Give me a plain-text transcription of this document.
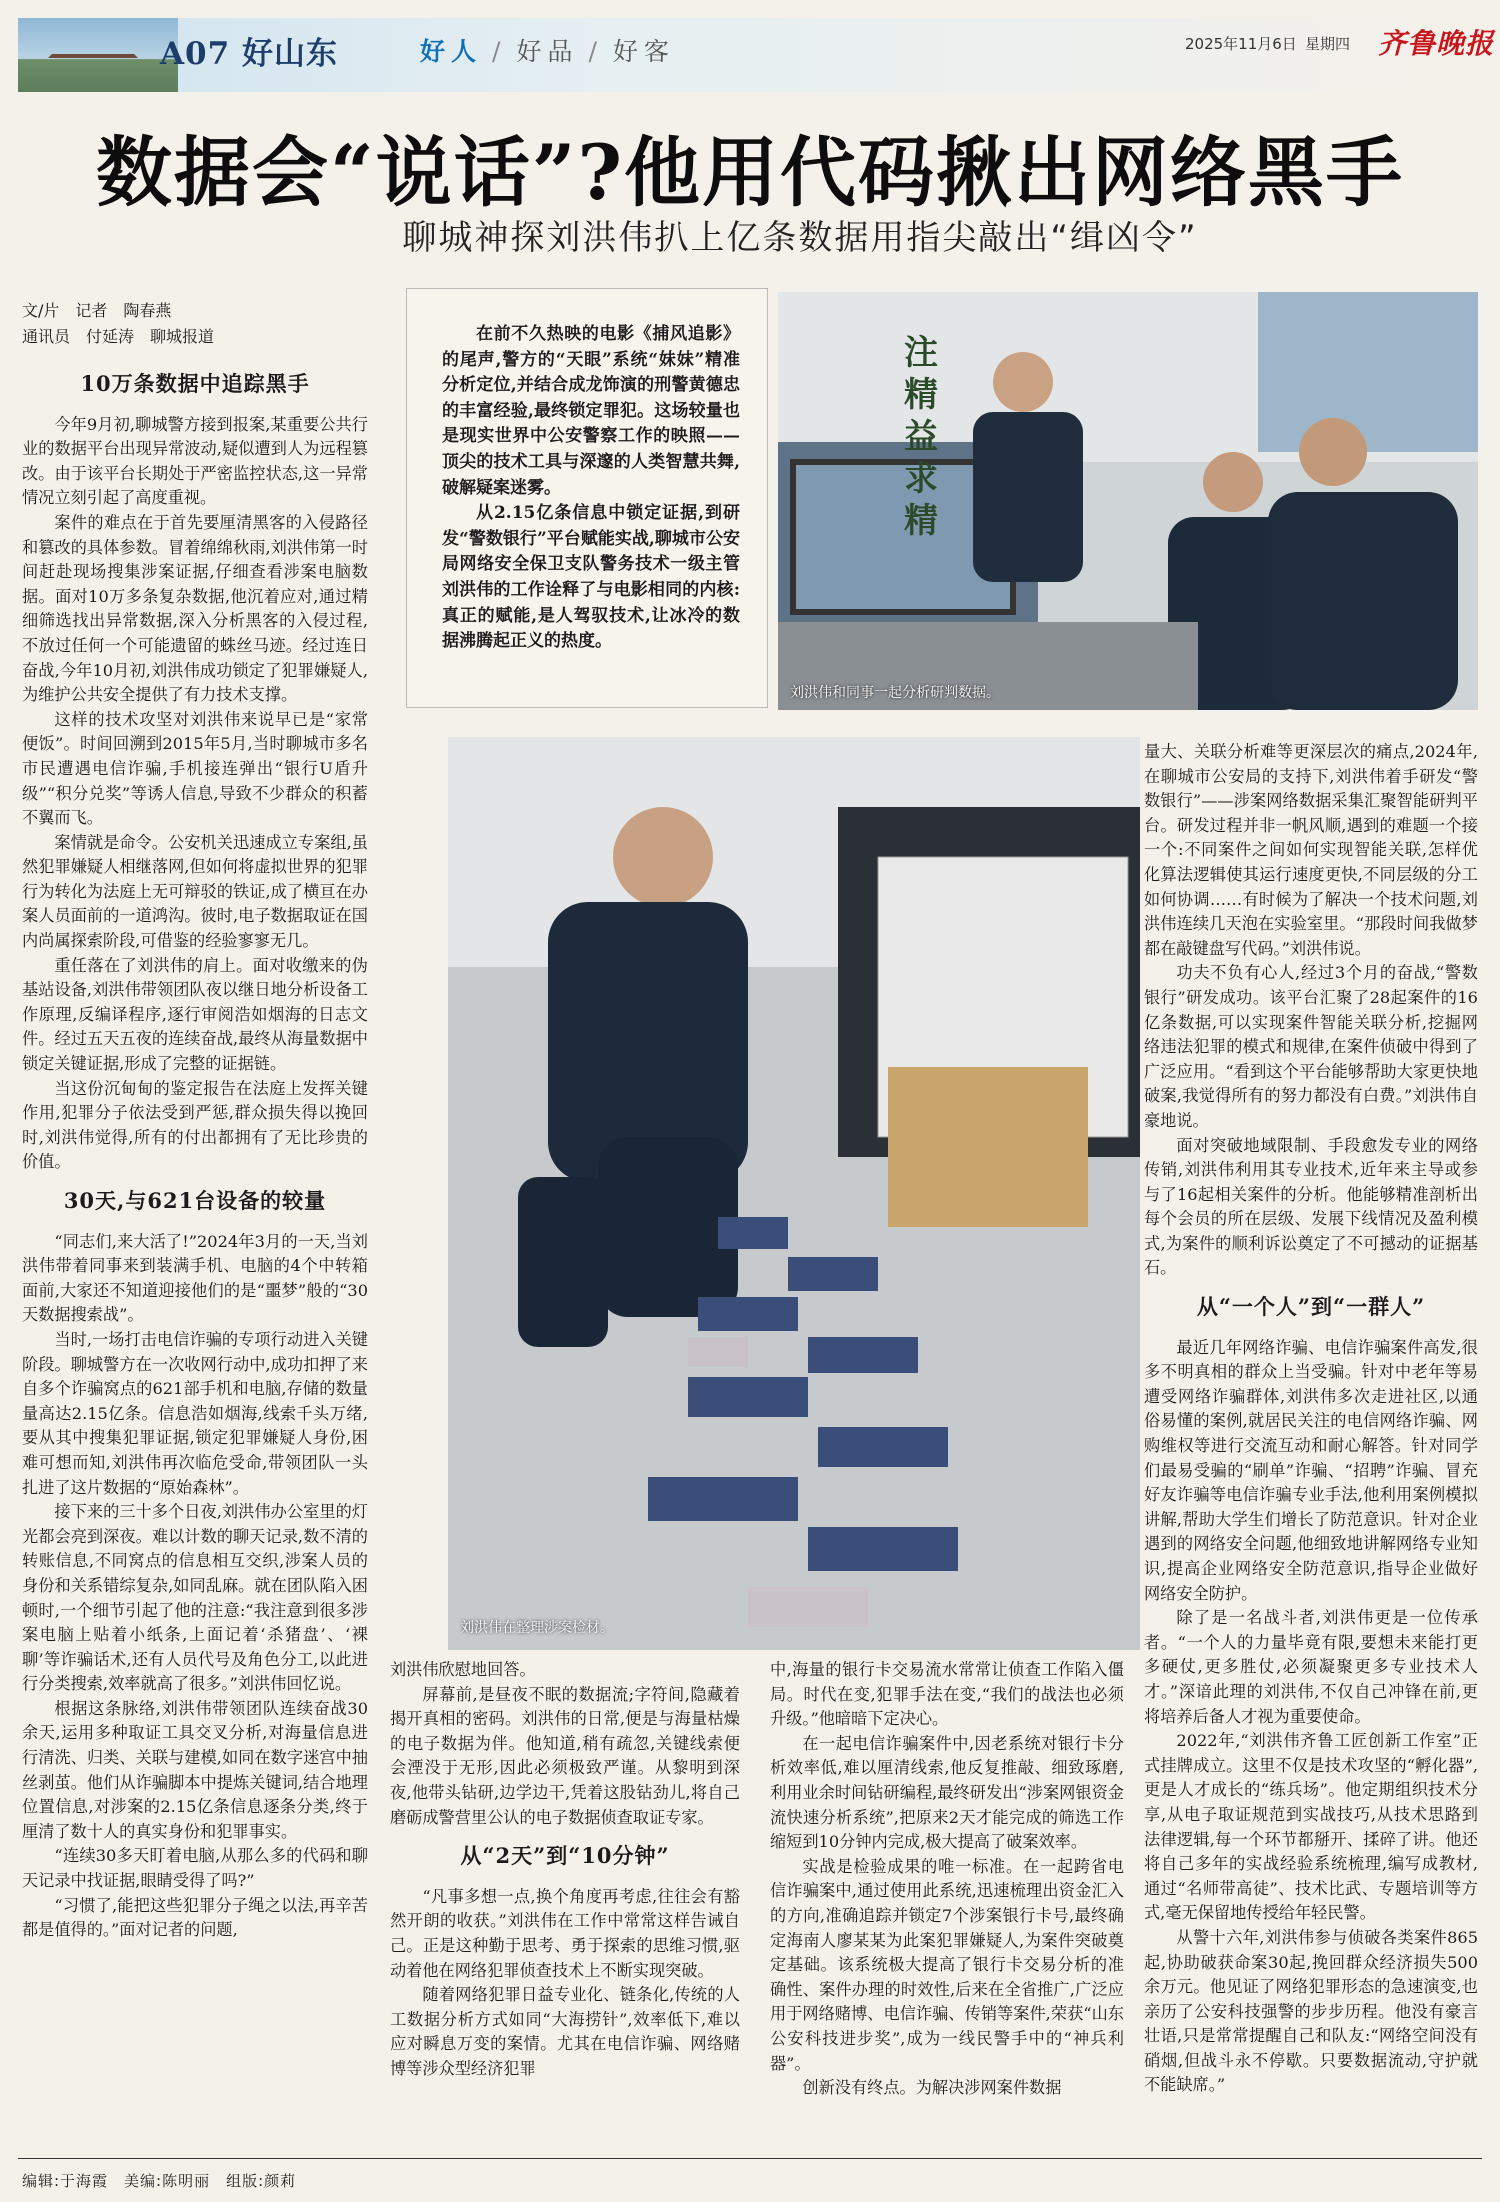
A07 好山东	好人 / 好品 / 好客	2025年11月6日 星期四 齐鲁晚报
数据会“说话”?他用代码揪出网络黑手
聊城神探刘洪伟扒上亿条数据用指尖敲出“缉凶令”
文/片　记者　陶春燕
通讯员　付延涛　聊城报道	在前不久热映的电影《捕风追影》的尾声,警方的“天眼”系统“妹妹”精准分析定位,并结合成龙饰演的刑警黄德忠的丰富经验,最终锁定罪犯。这场较量也是现实世界中公安警察工作的映照——顶尖的技术工具与深邃的人类智慧共舞,破解疑案迷雾。

从2.15亿条信息中锁定证据,到研发“警数银行”平台赋能实战,聊城市公安局网络安全保卫支队警务技术一级主管刘洪伟的工作诠释了与电影相同的内核:真正的赋能,是人驾驭技术,让冰冷的数据沸腾起正义的热度。

注
精
益
求
精
刘洪伟和同事一起分析研判数据。
刘洪伟在整理涉案检材。
10万条数据中追踪黑手

今年9月初,聊城警方接到报案,某重要公共行业的数据平台出现异常波动,疑似遭到人为远程篡改。由于该平台长期处于严密监控状态,这一异常情况立刻引起了高度重视。

案件的难点在于首先要厘清黑客的入侵路径和篡改的具体参数。冒着绵绵秋雨,刘洪伟第一时间赶赴现场搜集涉案证据,仔细查看涉案电脑数据。面对10万多条复杂数据,他沉着应对,通过精细筛选找出异常数据,深入分析黑客的入侵过程,不放过任何一个可能遗留的蛛丝马迹。经过连日奋战,今年10月初,刘洪伟成功锁定了犯罪嫌疑人,为维护公共安全提供了有力技术支撑。

这样的技术攻坚对刘洪伟来说早已是“家常便饭”。时间回溯到2015年5月,当时聊城市多名市民遭遇电信诈骗,手机接连弹出“银行U盾升级”“积分兑奖”等诱人信息,导致不少群众的积蓄不翼而飞。

案情就是命令。公安机关迅速成立专案组,虽然犯罪嫌疑人相继落网,但如何将虚拟世界的犯罪行为转化为法庭上无可辩驳的铁证,成了横亘在办案人员面前的一道鸿沟。彼时,电子数据取证在国内尚属探索阶段,可借鉴的经验寥寥无几。

重任落在了刘洪伟的肩上。面对收缴来的伪基站设备,刘洪伟带领团队夜以继日地分析设备工作原理,反编译程序,逐行审阅浩如烟海的日志文件。经过五天五夜的连续奋战,最终从海量数据中锁定关键证据,形成了完整的证据链。

当这份沉甸甸的鉴定报告在法庭上发挥关键作用,犯罪分子依法受到严惩,群众损失得以挽回时,刘洪伟觉得,所有的付出都拥有了无比珍贵的价值。

30天,与621台设备的较量

“同志们,来大活了!”2024年3月的一天,当刘洪伟带着同事来到装满手机、电脑的4个中转箱面前,大家还不知道迎接他们的是“噩梦”般的“30天数据搜索战”。

当时,一场打击电信诈骗的专项行动进入关键阶段。聊城警方在一次收网行动中,成功扣押了来自多个诈骗窝点的621部手机和电脑,存储的数量量高达2.15亿条。信息浩如烟海,线索千头万绪,要从其中搜集犯罪证据,锁定犯罪嫌疑人身份,困难可想而知,刘洪伟再次临危受命,带领团队一头扎进了这片数据的“原始森林”。

接下来的三十多个日夜,刘洪伟办公室里的灯光都会亮到深夜。难以计数的聊天记录,数不清的转账信息,不同窝点的信息相互交织,涉案人员的身份和关系错综复杂,如同乱麻。就在团队陷入困顿时,一个细节引起了他的注意:“我注意到很多涉案电脑上贴着小纸条,上面记着‘杀猪盘’、‘裸聊’等诈骗话术,还有人员代号及角色分工,以此进行分类搜索,效率就高了很多。”刘洪伟回忆说。

根据这条脉络,刘洪伟带领团队连续奋战30余天,运用多种取证工具交叉分析,对海量信息进行清洗、归类、关联与建模,如同在数字迷宫中抽丝剥茧。他们从诈骗脚本中提炼关键词,结合地理位置信息,对涉案的2.15亿条信息逐条分类,终于厘清了数十人的真实身份和犯罪事实。

“连续30多天盯着电脑,从那么多的代码和聊天记录中找证据,眼睛受得了吗?”

“习惯了,能把这些犯罪分子绳之以法,再辛苦都是值得的。”面对记者的问题,

刘洪伟欣慰地回答。

屏幕前,是昼夜不眠的数据流;字符间,隐藏着揭开真相的密码。刘洪伟的日常,便是与海量枯燥的电子数据为伴。他知道,稍有疏忽,关键线索便会湮没于无形,因此必须极致严谨。从黎明到深夜,他带头钻研,边学边干,凭着这股钻劲儿,将自己磨砺成警营里公认的电子数据侦查取证专家。

从“2天”到“10分钟”

“凡事多想一点,换个角度再考虑,往往会有豁然开朗的收获。”刘洪伟在工作中常常这样告诫自己。正是这种勤于思考、勇于探索的思维习惯,驱动着他在网络犯罪侦查技术上不断实现突破。

随着网络犯罪日益专业化、链条化,传统的人工数据分析方式如同“大海捞针”,效率低下,难以应对瞬息万变的案情。尤其在电信诈骗、网络赌博等涉众型经济犯罪

中,海量的银行卡交易流水常常让侦查工作陷入僵局。时代在变,犯罪手法在变,“我们的战法也必须升级。”他暗暗下定决心。

在一起电信诈骗案件中,因老系统对银行卡分析效率低,难以厘清线索,他反复推敲、细致琢磨,利用业余时间钻研编程,最终研发出“涉案网银资金流快速分析系统”,把原来2天才能完成的筛选工作缩短到10分钟内完成,极大提高了破案效率。

实战是检验成果的唯一标准。在一起跨省电信诈骗案中,通过使用此系统,迅速梳理出资金汇入的方向,准确追踪并锁定7个涉案银行卡号,最终确定海南人廖某某为此案犯罪嫌疑人,为案件突破奠定基础。该系统极大提高了银行卡交易分析的准确性、案件办理的时效性,后来在全省推广,广泛应用于网络赌博、电信诈骗、传销等案件,荣获“山东公安科技进步奖”,成为一线民警手中的“神兵利器”。

创新没有终点。为解决涉网案件数据

量大、关联分析难等更深层次的痛点,2024年,在聊城市公安局的支持下,刘洪伟着手研发“警数银行”——涉案网络数据采集汇聚智能研判平台。研发过程并非一帆风顺,遇到的难题一个接一个:不同案件之间如何实现智能关联,怎样优化算法逻辑使其运行速度更快,不同层级的分工如何协调……有时候为了解决一个技术问题,刘洪伟连续几天泡在实验室里。“那段时间我做梦都在敲键盘写代码。”刘洪伟说。

功夫不负有心人,经过3个月的奋战,“警数银行”研发成功。该平台汇聚了28起案件的16亿条数据,可以实现案件智能关联分析,挖掘网络违法犯罪的模式和规律,在案件侦破中得到了广泛应用。“看到这个平台能够帮助大家更快地破案,我觉得所有的努力都没有白费。”刘洪伟自豪地说。

面对突破地域限制、手段愈发专业的网络传销,刘洪伟利用其专业技术,近年来主导或参与了16起相关案件的分析。他能够精准剖析出每个会员的所在层级、发展下线情况及盈利模式,为案件的顺利诉讼奠定了不可撼动的证据基石。

从“一个人”到“一群人”

最近几年网络诈骗、电信诈骗案件高发,很多不明真相的群众上当受骗。针对中老年等易遭受网络诈骗群体,刘洪伟多次走进社区,以通俗易懂的案例,就居民关注的电信网络诈骗、网购维权等进行交流互动和耐心解答。针对同学们最易受骗的“刷单”诈骗、“招聘”诈骗、冒充好友诈骗等电信诈骗专业手法,他利用案例模拟讲解,帮助大学生们增长了防范意识。针对企业遇到的网络安全问题,他细致地讲解网络专业知识,提高企业网络安全防范意识,指导企业做好网络安全防护。

除了是一名战斗者,刘洪伟更是一位传承者。“一个人的力量毕竟有限,要想未来能打更多硬仗,更多胜仗,必须凝聚更多专业技术人才。”深谙此理的刘洪伟,不仅自己冲锋在前,更将培养后备人才视为重要使命。

2022年,“刘洪伟齐鲁工匠创新工作室”正式挂牌成立。这里不仅是技术攻坚的“孵化器”,更是人才成长的“练兵场”。他定期组织技术分享,从电子取证规范到实战技巧,从技术思路到法律逻辑,每一个环节都掰开、揉碎了讲。他还将自己多年的实战经验系统梳理,编写成教材,通过“名师带高徒”、技术比武、专题培训等方式,毫无保留地传授给年轻民警。

从警十六年,刘洪伟参与侦破各类案件865起,协助破获命案30起,挽回群众经济损失500余万元。他见证了网络犯罪形态的急速演变,也亲历了公安科技强警的步步历程。他没有豪言壮语,只是常常提醒自己和队友:“网络空间没有硝烟,但战斗永不停歇。只要数据流动,守护就不能缺席。”

编辑:于海霞　美编:陈明丽　组版:颜莉
